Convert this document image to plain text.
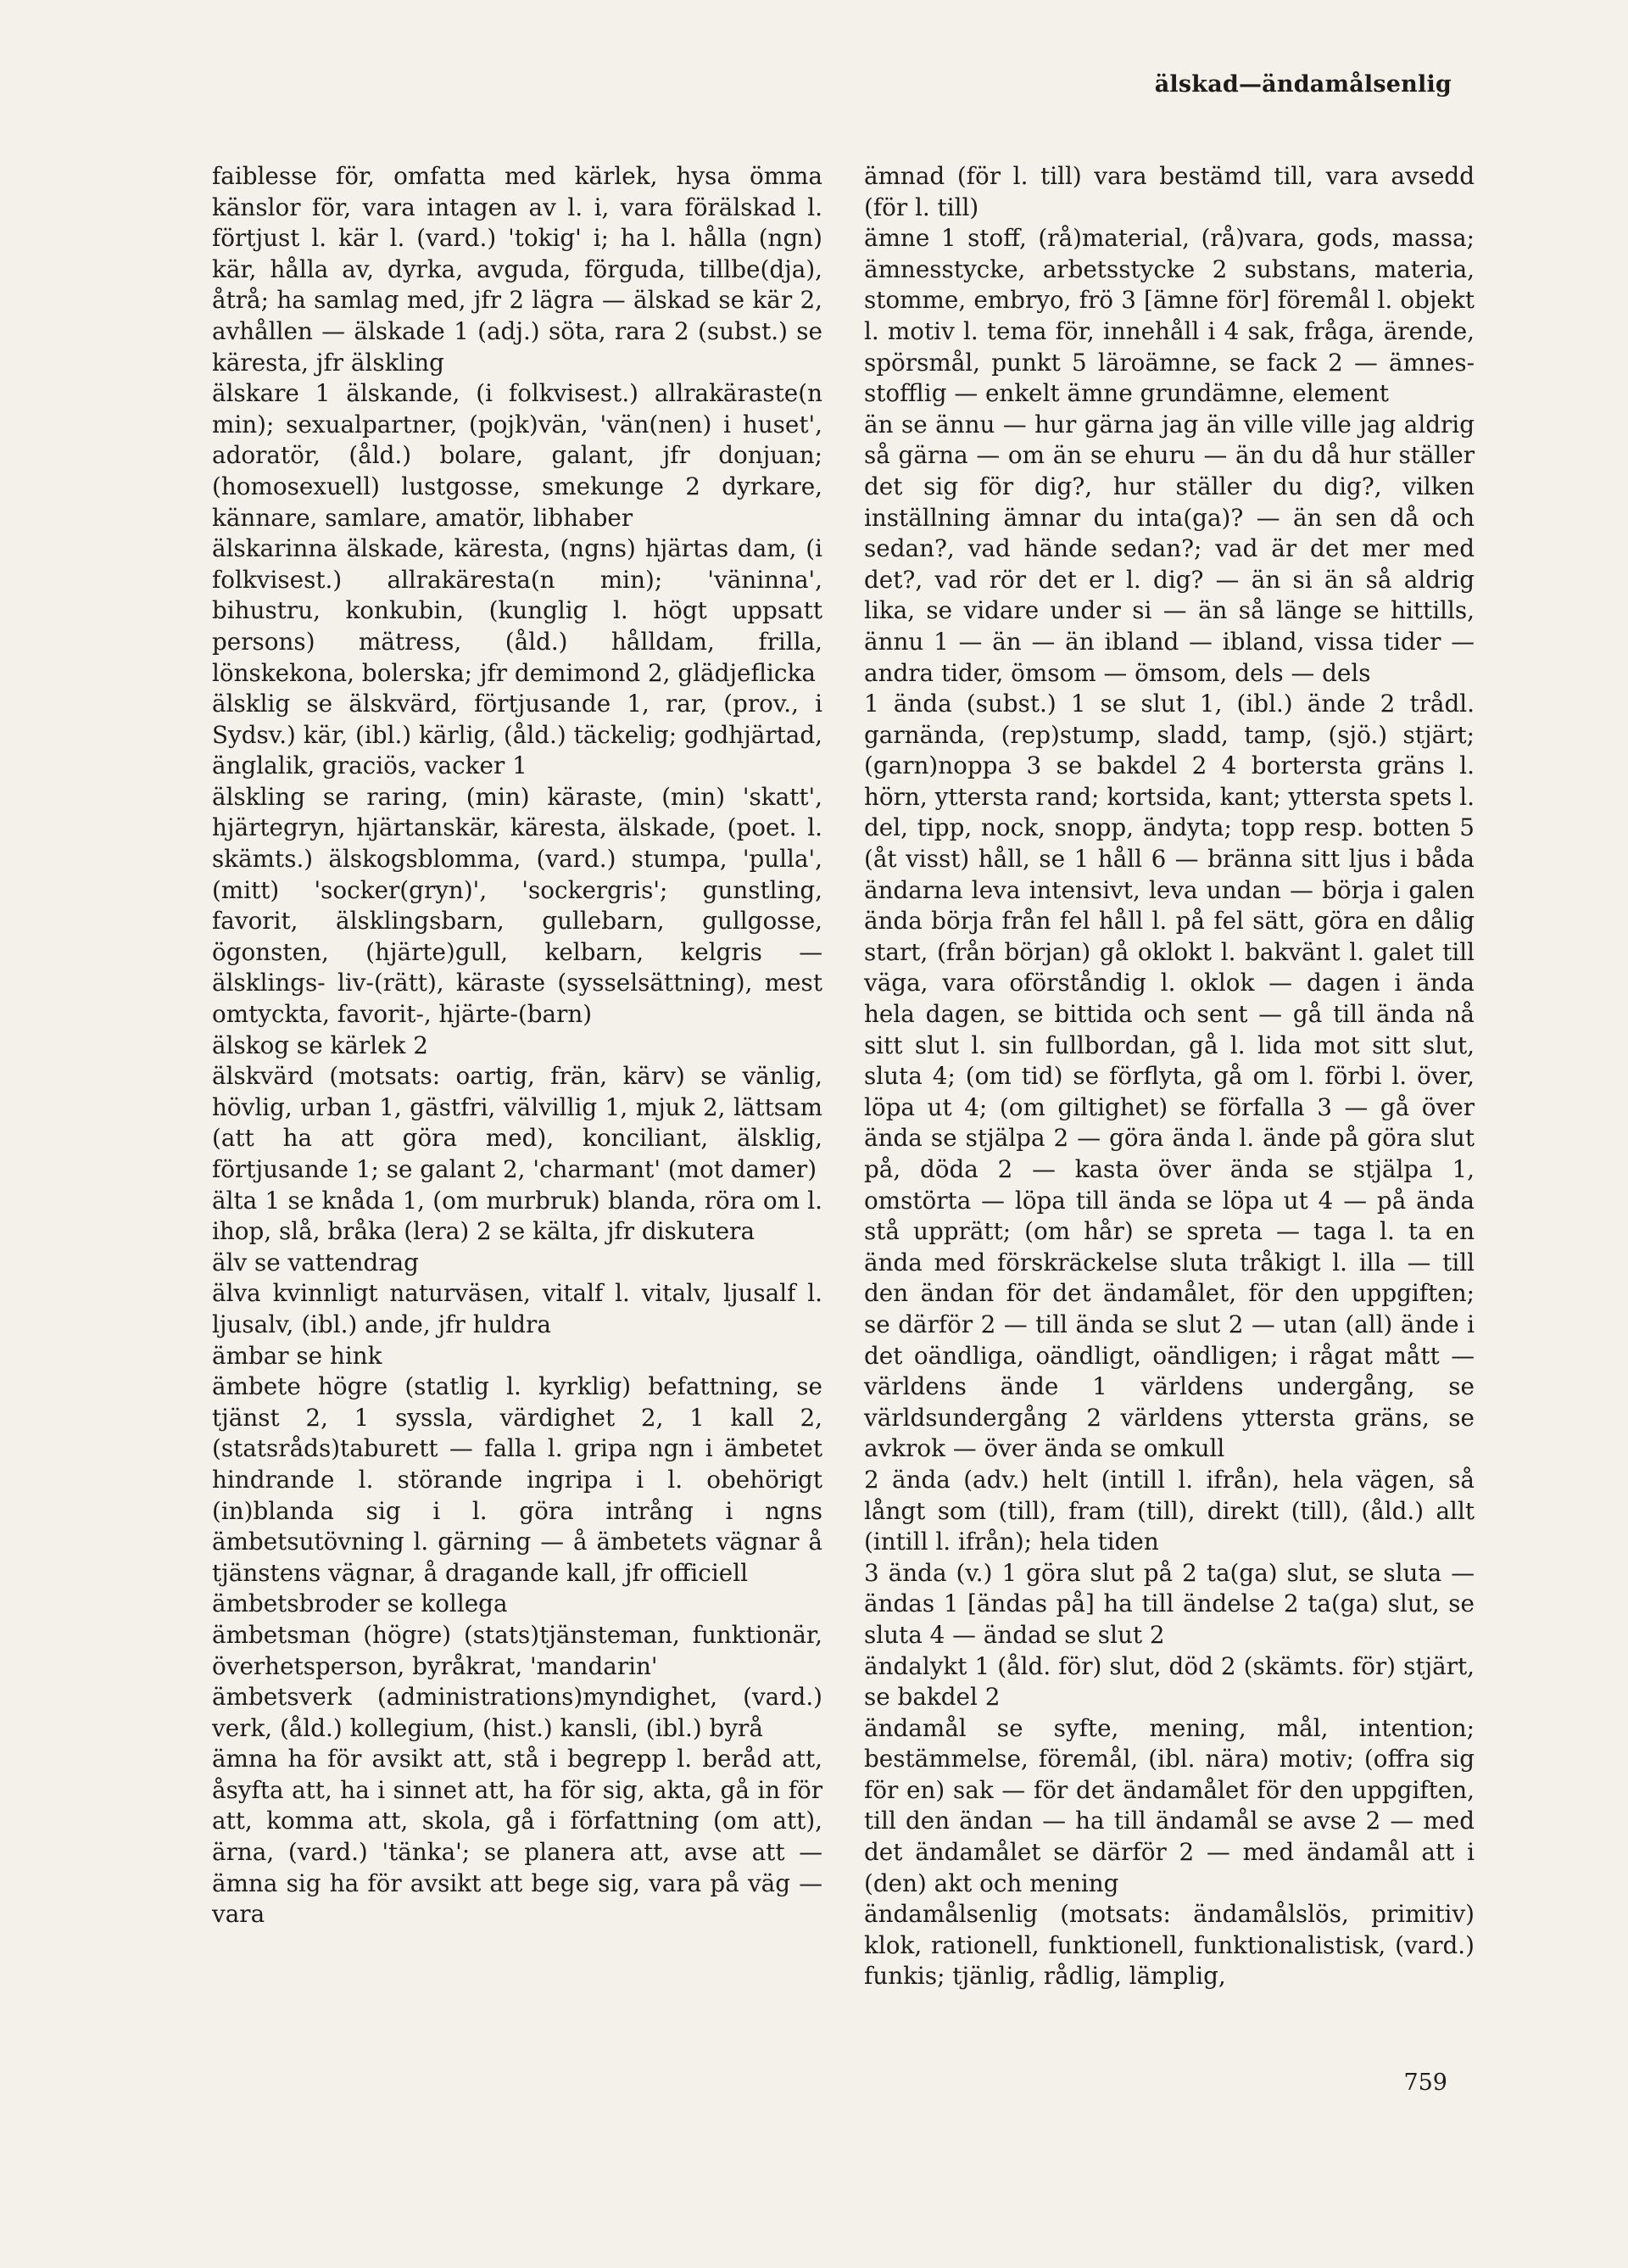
älskad—ändamålsenlig

faiblesse för, omfatta med kärlek, hysa ömma känslor för, vara intagen av l. i, vara förälskad l. förtjust l. kär l. (vard.) 'tokig' i; ha l. hålla (ngn) kär, hålla av, dyrka, avguda, förguda, tillbe(dja), åtrå; ha samlag med, jfr 2 lägra — älskad se kär 2, avhållen — älskade 1 (adj.) söta, rara 2 (subst.) se käresta, jfr älskling

älskare 1 älskande, (i folkvisest.) allrakäraste(n min); sexualpartner, (pojk)vän, 'vän(nen) i huset', adoratör, (åld.) bolare, galant, jfr donjuan; (homosexuell) lustgosse, smekunge 2 dyrkare, kännare, samlare, amatör, libhaber

älskarinna älskade, käresta, (ngns) hjärtas dam, (i folkvisest.) allrakäresta(n min); 'väninna', bihustru, konkubin, (kunglig l. högt uppsatt persons) mätress, (åld.) hålldam, frilla, lönskekona, bolerska; jfr demimond 2, glädjeflicka

älsklig se älskvärd, förtjusande 1, rar, (prov., i Sydsv.) kär, (ibl.) kärlig, (åld.) täckelig; godhjärtad, änglalik, graciös, vacker 1

älskling se raring, (min) käraste, (min) 'skatt', hjärtegryn, hjärtanskär, käresta, älskade, (poet. l. skämts.) älskogsblomma, (vard.) stumpa, 'pulla', (mitt) 'socker(gryn)', 'sockergris'; gunstling, favorit, älsklingsbarn, gullebarn, gullgosse, ögonsten, (hjärte)gull, kelbarn, kelgris — älsklings- liv-(rätt), käraste (sysselsättning), mest omtyckta, favorit-, hjärte-(barn)

älskog se kärlek 2

älskvärd (motsats: oartig, frän, kärv) se vänlig, hövlig, urban 1, gästfri, välvillig 1, mjuk 2, lättsam (att ha att göra med), konciliant, älsklig, förtjusande 1; se galant 2, 'charmant' (mot damer)

älta 1 se knåda 1, (om murbruk) blanda, röra om l. ihop, slå, bråka (lera) 2 se kälta, jfr diskutera

älv se vattendrag

älva kvinnligt naturväsen, vitalf l. vitalv, ljusalf l. ljusalv, (ibl.) ande, jfr huldra

ämbar se hink

ämbete högre (statlig l. kyrklig) befattning, se tjänst 2, 1 syssla, värdighet 2, 1 kall 2, (statsråds)taburett — falla l. gripa ngn i ämbetet hindrande l. störande ingripa i l. obehörigt (in)blanda sig i l. göra intrång i ngns ämbetsutövning l. gärning — å ämbetets vägnar å tjänstens vägnar, å dragande kall, jfr officiell

ämbetsbroder se kollega

ämbetsman (högre) (stats)tjänsteman, funktionär, överhetsperson, byråkrat, 'mandarin'

ämbetsverk (administrations)myndighet, (vard.) verk, (åld.) kollegium, (hist.) kansli, (ibl.) byrå

ämna ha för avsikt att, stå i begrepp l. beråd att, åsyfta att, ha i sinnet att, ha för sig, akta, gå in för att, komma att, skola, gå i författning (om att), ärna, (vard.) 'tänka'; se planera att, avse att — ämna sig ha för avsikt att bege sig, vara på väg — vara

ämnad (för l. till) vara bestämd till, vara avsedd (för l. till)

ämne 1 stoff, (rå)material, (rå)vara, gods, massa; ämnesstycke, arbetsstycke 2 substans, materia, stomme, embryo, frö 3 [ämne för] föremål l. objekt l. motiv l. tema för, innehåll i 4 sak, fråga, ärende, spörsmål, punkt 5 läroämne, se fack 2 — ämnes- stofflig — enkelt ämne grundämne, element

än se ännu — hur gärna jag än ville ville jag aldrig så gärna — om än se ehuru — än du då hur ställer det sig för dig?, hur ställer du dig?, vilken inställning ämnar du inta(ga)? — än sen då och sedan?, vad hände sedan?; vad är det mer med det?, vad rör det er l. dig? — än si än så aldrig lika, se vidare under si — än så länge se hittills, ännu 1 — än — än ibland — ibland, vissa tider — andra tider, ömsom — ömsom, dels — dels

1 ända (subst.) 1 se slut 1, (ibl.) ände 2 trådl. garnända, (rep)stump, sladd, tamp, (sjö.) stjärt; (garn)noppa 3 se bakdel 2 4 bortersta gräns l. hörn, yttersta rand; kortsida, kant; yttersta spets l. del, tipp, nock, snopp, ändyta; topp resp. botten 5 (åt visst) håll, se 1 håll 6 — bränna sitt ljus i båda ändarna leva intensivt, leva undan — börja i galen ända börja från fel håll l. på fel sätt, göra en dålig start, (från början) gå oklokt l. bakvänt l. galet till väga, vara oförståndig l. oklok — dagen i ända hela dagen, se bittida och sent — gå till ända nå sitt slut l. sin fullbordan, gå l. lida mot sitt slut, sluta 4; (om tid) se förflyta, gå om l. förbi l. över, löpa ut 4; (om giltighet) se förfalla 3 — gå över ända se stjälpa 2 — göra ända l. ände på göra slut på, döda 2 — kasta över ända se stjälpa 1, omstörta — löpa till ända se löpa ut 4 — på ända stå upprätt; (om hår) se spreta — taga l. ta en ända med förskräckelse sluta tråkigt l. illa — till den ändan för det ändamålet, för den uppgiften; se därför 2 — till ända se slut 2 — utan (all) ände i det oändliga, oändligt, oändligen; i rågat mått — världens ände 1 världens undergång, se världsundergång 2 världens yttersta gräns, se avkrok — över ända se omkull

2 ända (adv.) helt (intill l. ifrån), hela vägen, så långt som (till), fram (till), direkt (till), (åld.) allt (intill l. ifrån); hela tiden

3 ända (v.) 1 göra slut på 2 ta(ga) slut, se sluta — ändas 1 [ändas på] ha till ändelse 2 ta(ga) slut, se sluta 4 — ändad se slut 2

ändalykt 1 (åld. för) slut, död 2 (skämts. för) stjärt, se bakdel 2

ändamål se syfte, mening, mål, intention; bestämmelse, föremål, (ibl. nära) motiv; (offra sig för en) sak — för det ändamålet för den uppgiften, till den ändan — ha till ändamål se avse 2 — med det ändamålet se därför 2 — med ändamål att i (den) akt och mening

ändamålsenlig (motsats: ändamålslös, primitiv) klok, rationell, funktionell, funktionalistisk, (vard.) funkis; tjänlig, rådlig, lämplig,

759
